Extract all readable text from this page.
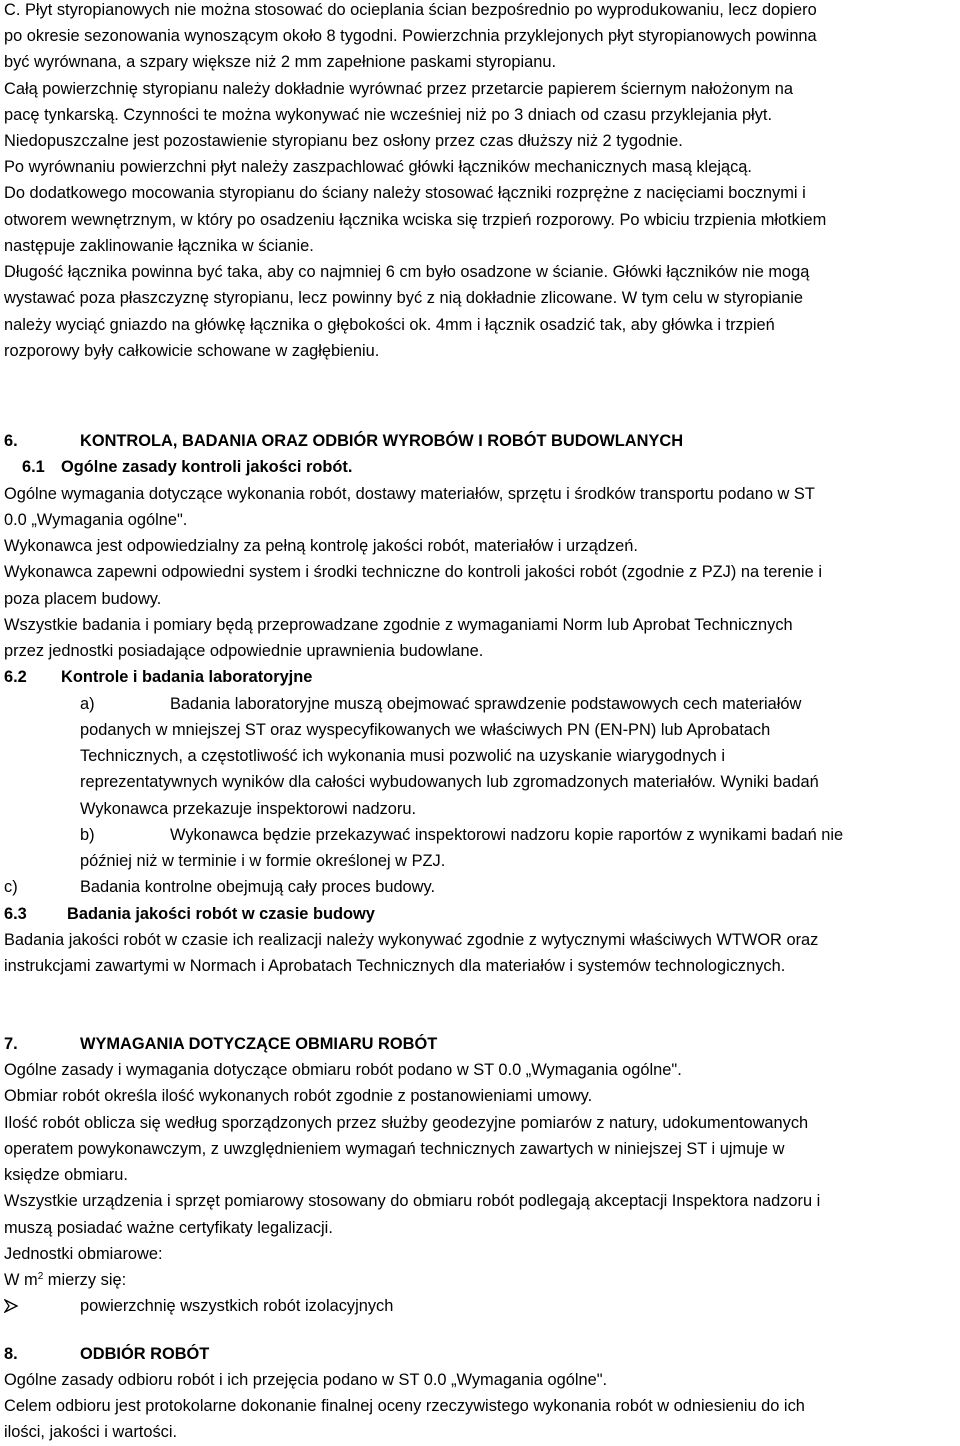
C. Płyt styropianowych nie można stosować do ocieplania ścian bezpośrednio po wyprodukowaniu, lecz dopiero
po okresie sezonowania wynoszącym około 8 tygodni. Powierzchnia przyklejonych płyt styropianowych powinna
być wyrównana, a szpary większe niż 2 mm zapełnione paskami styropianu.
Całą powierzchnię styropianu należy dokładnie wyrównać przez przetarcie papierem ściernym nałożonym na
pacę tynkarską. Czynności te można wykonywać nie wcześniej niż po 3 dniach od czasu przyklejania płyt.
Niedopuszczalne jest pozostawienie styropianu bez osłony przez czas dłuższy niż 2 tygodnie.
Po wyrównaniu powierzchni płyt należy zaszpachlować główki łączników mechanicznych masą klejącą.
Do dodatkowego mocowania styropianu do ściany należy stosować łączniki rozprężne z nacięciami bocznymi i
otworem wewnętrznym, w który po osadzeniu łącznika wciska się trzpień rozporowy. Po wbiciu trzpienia młotkiem
następuje zaklinowanie łącznika w ścianie.
Długość łącznika powinna być taka, aby co najmniej 6 cm było osadzone w ścianie. Główki łączników nie mogą
wystawać poza płaszczyznę styropianu, lecz powinny być z nią dokładnie zlicowane. W tym celu w styropianie
należy wyciąć gniazdo na główkę łącznika o głębokości ok. 4mm i łącznik osadzić tak, aby główka i trzpień
rozporowy były całkowicie schowane w zagłębieniu.
6.	KONTROLA, BADANIA ORAZ ODBIÓR WYROBÓW I ROBÓT BUDOWLANYCH
6.1 Ogólne zasady kontroli jakości robót.
Ogólne wymagania dotyczące wykonania robót, dostawy materiałów, sprzętu i środków transportu podano w ST
0.0 „Wymagania ogólne".
Wykonawca jest odpowiedzialny za pełną kontrolę jakości robót, materiałów i urządzeń.
Wykonawca zapewni odpowiedni system i środki techniczne do kontroli jakości robót (zgodnie z PZJ) na terenie i
poza placem budowy.
Wszystkie badania i pomiary będą przeprowadzane zgodnie z wymaganiami Norm lub Aprobat Technicznych
przez jednostki posiadające odpowiednie uprawnienia budowlane.
6.2 Kontrole i badania laboratoryjne
a)	Badania laboratoryjne muszą obejmować sprawdzenie podstawowych cech materiałów
podanych w mniejszej ST oraz wyspecyfikowanych we właściwych PN (EN-PN) lub Aprobatach
Technicznych, a częstotliwość ich wykonania musi pozwolić na uzyskanie wiarygodnych i
reprezentatywnych wyników dla całości wybudowanych lub zgromadzonych materiałów. Wyniki badań
Wykonawca przekazuje inspektorowi nadzoru.
b)	Wykonawca będzie przekazywać inspektorowi nadzoru kopie raportów z wynikami badań nie
później niż w terminie i w formie określonej w PZJ.
c)	Badania kontrolne obejmują cały proces budowy.
6.3 Badania jakości robót w czasie budowy
Badania jakości robót w czasie ich realizacji należy wykonywać zgodnie z wytycznymi właściwych WTWOR oraz
instrukcjami zawartymi w Normach i Aprobatach Technicznych dla materiałów i systemów technologicznych.
7.	WYMAGANIA DOTYCZĄCE OBMIARU ROBÓT
Ogólne zasady i wymagania dotyczące obmiaru robót podano w ST 0.0 „Wymagania ogólne".
Obmiar robót określa ilość wykonanych robót zgodnie z postanowieniami umowy.
Ilość robót oblicza się według sporządzonych przez służby geodezyjne pomiarów z natury, udokumentowanych
operatem powykonawczym, z uwzględnieniem wymagań technicznych zawartych w niniejszej ST i ujmuje w
księdze obmiaru.
Wszystkie urządzenia i sprzęt pomiarowy stosowany do obmiaru robót podlegają akceptacji Inspektora nadzoru i
muszą posiadać ważne certyfikaty legalizacji.
Jednostki obmiarowe:
W $m^2$ mierzy się:
powierzchnię wszystkich robót izolacyjnych
8.	ODBIÓR ROBÓT
Ogólne zasady odbioru robót i ich przejęcia podano w ST 0.0 „Wymagania ogólne".
Celem odbioru jest protokolarne dokonanie finalnej oceny rzeczywistego wykonania robót w odniesieniu do ich
ilości, jakości i wartości.
